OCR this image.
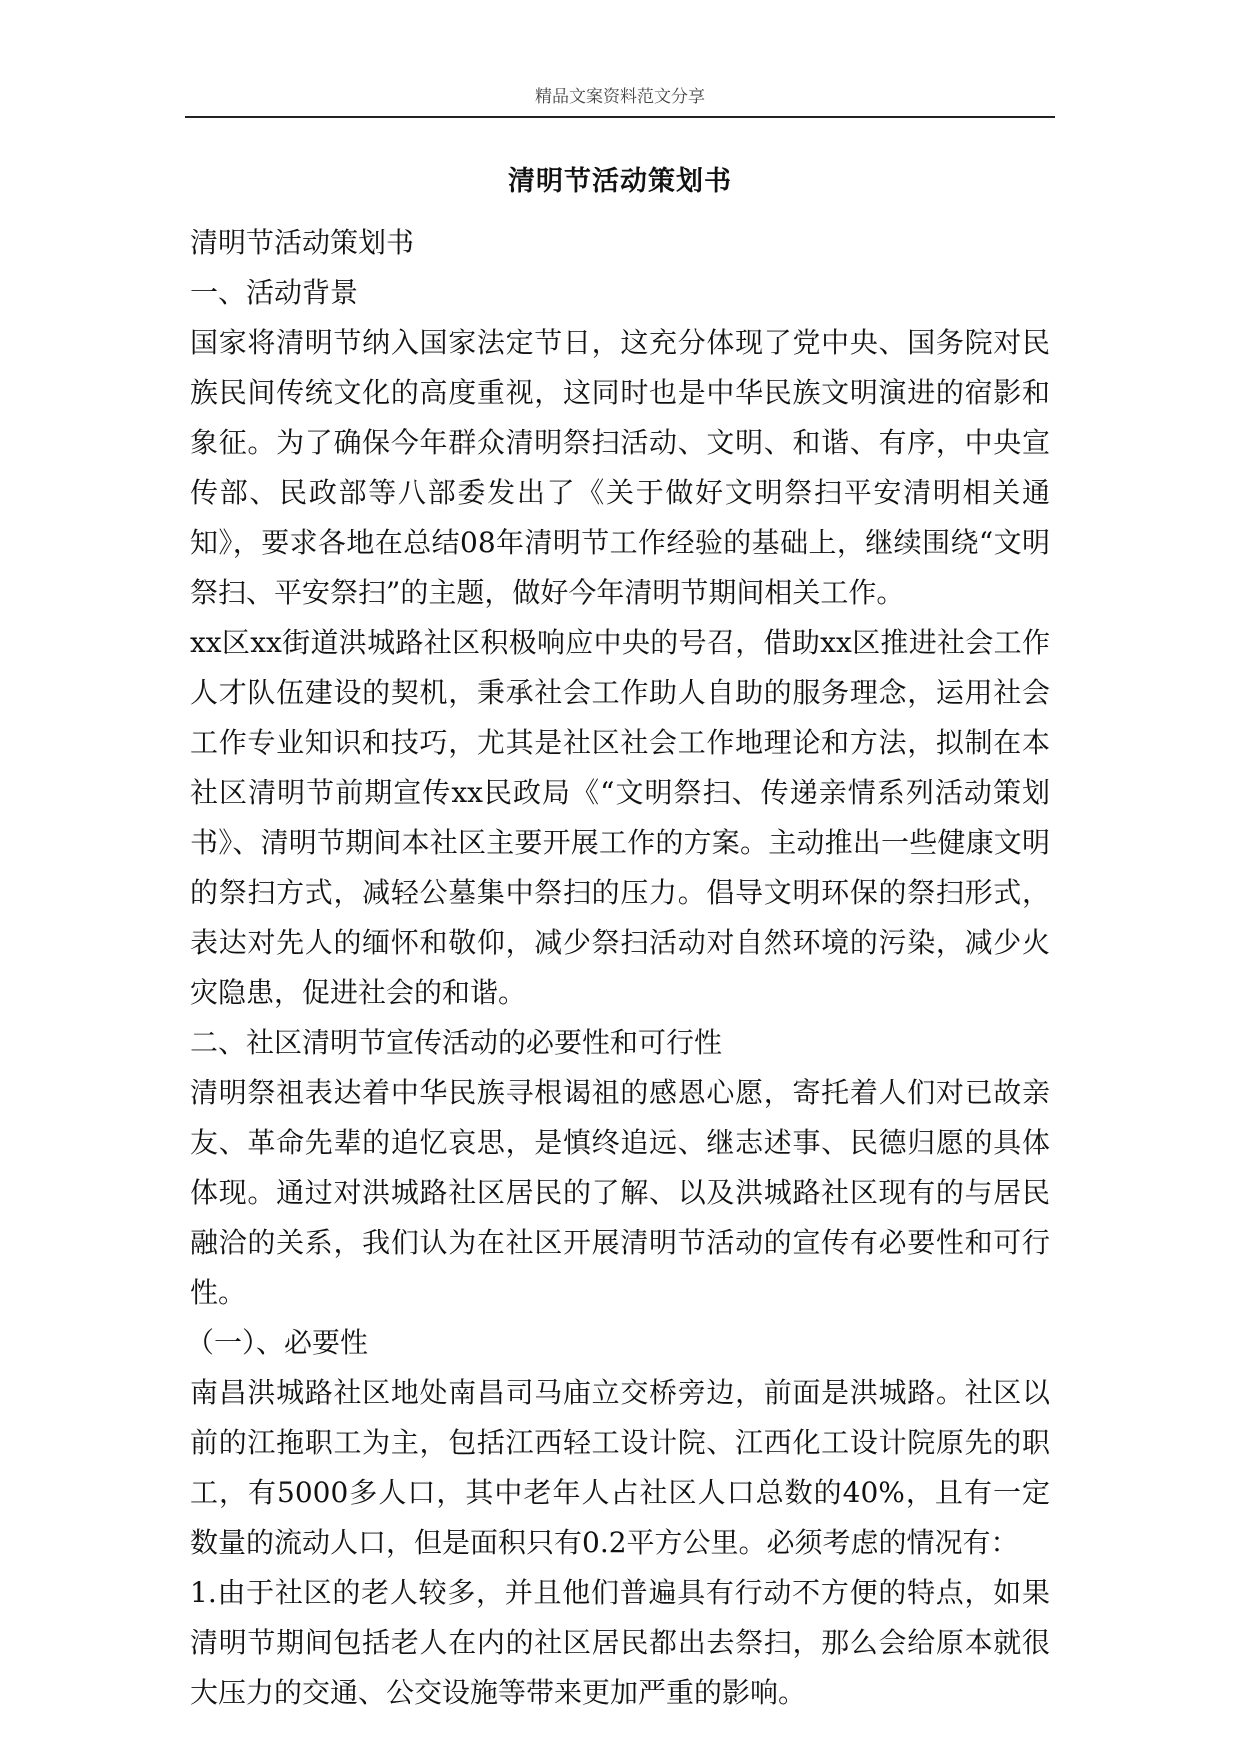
精品文案资料范文分享
清明节活动策划书

清明节活动策划书

一、活动背景

国家将清明节纳入国家法定节日，这充分体现了党中央、国务院对民族民间传统文化的高度重视，这同时也是中华民族文明演进的宿影和象征。为了确保今年群众清明祭扫活动、文明、和谐、有序，中央宣传部、民政部等八部委发出了《关于做好文明祭扫平安清明相关通知》，要求各地在总结08年清明节工作经验的基础上，继续围绕“文明祭扫、平安祭扫”的主题，做好今年清明节期间相关工作。

xx区xx街道洪城路社区积极响应中央的号召，借助xx区推进社会工作人才队伍建设的契机，秉承社会工作助人自助的服务理念，运用社会工作专业知识和技巧，尤其是社区社会工作地理论和方法，拟制在本社区清明节前期宣传xx民政局《“文明祭扫、传递亲情系列活动策划书》、清明节期间本社区主要开展工作的方案。主动推出一些健康文明的祭扫方式，减轻公墓集中祭扫的压力。倡导文明环保的祭扫形式，表达对先人的缅怀和敬仰，减少祭扫活动对自然环境的污染，减少火灾隐患，促进社会的和谐。

二、社区清明节宣传活动的必要性和可行性

清明祭祖表达着中华民族寻根谒祖的感恩心愿，寄托着人们对已故亲友、革命先辈的追忆哀思，是慎终追远、继志述事、民德归愿的具体体现。通过对洪城路社区居民的了解、以及洪城路社区现有的与居民融洽的关系，我们认为在社区开展清明节活动的宣传有必要性和可行性。

（一）、必要性

南昌洪城路社区地处南昌司马庙立交桥旁边，前面是洪城路。社区以前的江拖职工为主，包括江西轻工设计院、江西化工设计院原先的职工，有5000多人口，其中老年人占社区人口总数的40%，且有一定数量的流动人口，但是面积只有0.2平方公里。必须考虑的情况有：

1.由于社区的老人较多，并且他们普遍具有行动不方便的特点，如果清明节期间包括老人在内的社区居民都出去祭扫，那么会给原本就很大压力的交通、公交设施等带来更加严重的影响。
